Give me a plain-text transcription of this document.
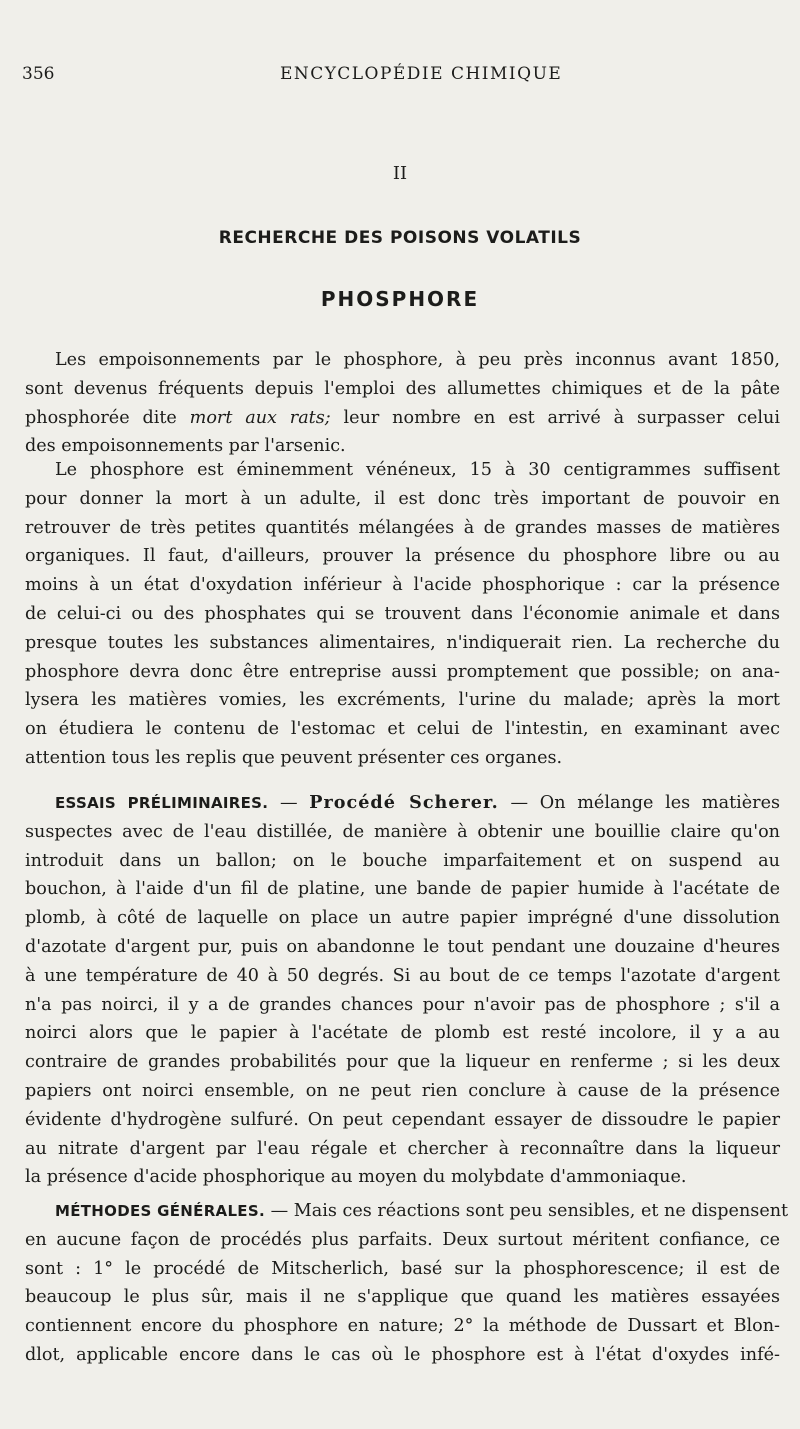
356	ENCYCLOPÉDIE CHIMIQUE
II
RECHERCHE DES POISONS VOLATILS
PHOSPHORE
Les empoisonnements par le phosphore, à peu près inconnus avant 1850,
sont devenus fréquents depuis l'emploi des allumettes chimiques et de la pâte
phosphorée dite mort aux rats; leur nombre en est arrivé à surpasser celui
des empoisonnements par l'arsenic.
Le phosphore est éminemment vénéneux, 15 à 30 centigrammes suffisent
pour donner la mort à un adulte, il est donc très important de pouvoir en
retrouver de très petites quantités mélangées à de grandes masses de matières
organiques. Il faut, d'ailleurs, prouver la présence du phosphore libre ou au
moins à un état d'oxydation inférieur à l'acide phosphorique : car la présence
de celui-ci ou des phosphates qui se trouvent dans l'économie animale et dans
presque toutes les substances alimentaires, n'indiquerait rien. La recherche du
phosphore devra donc être entreprise aussi promptement que possible; on ana-
lysera les matières vomies, les excréments, l'urine du malade; après la mort
on étudiera le contenu de l'estomac et celui de l'intestin, en examinant avec
attention tous les replis que peuvent présenter ces organes.
ESSAIS PRÉLIMINAIRES. — Procédé Scherer. — On mélange les matières
suspectes avec de l'eau distillée, de manière à obtenir une bouillie claire qu'on
introduit dans un ballon; on le bouche imparfaitement et on suspend au
bouchon, à l'aide d'un fil de platine, une bande de papier humide à l'acétate de
plomb, à côté de laquelle on place un autre papier imprégné d'une dissolution
d'azotate d'argent pur, puis on abandonne le tout pendant une douzaine d'heures
à une température de 40 à 50 degrés. Si au bout de ce temps l'azotate d'argent
n'a pas noirci, il y a de grandes chances pour n'avoir pas de phosphore ; s'il a
noirci alors que le papier à l'acétate de plomb est resté incolore, il y a au
contraire de grandes probabilités pour que la liqueur en renferme ; si les deux
papiers ont noirci ensemble, on ne peut rien conclure à cause de la présence
évidente d'hydrogène sulfuré. On peut cependant essayer de dissoudre le papier
au nitrate d'argent par l'eau régale et chercher à reconnaître dans la liqueur
la présence d'acide phosphorique au moyen du molybdate d'ammoniaque.
MÉTHODES GÉNÉRALES. — Mais ces réactions sont peu sensibles, et ne dispensent
en aucune façon de procédés plus parfaits. Deux surtout méritent confiance, ce
sont : 1° le procédé de Mitscherlich, basé sur la phosphorescence; il est de
beaucoup le plus sûr, mais il ne s'applique que quand les matières essayées
contiennent encore du phosphore en nature; 2° la méthode de Dussart et Blon-
dlot, applicable encore dans le cas où le phosphore est à l'état d'oxydes infé-
